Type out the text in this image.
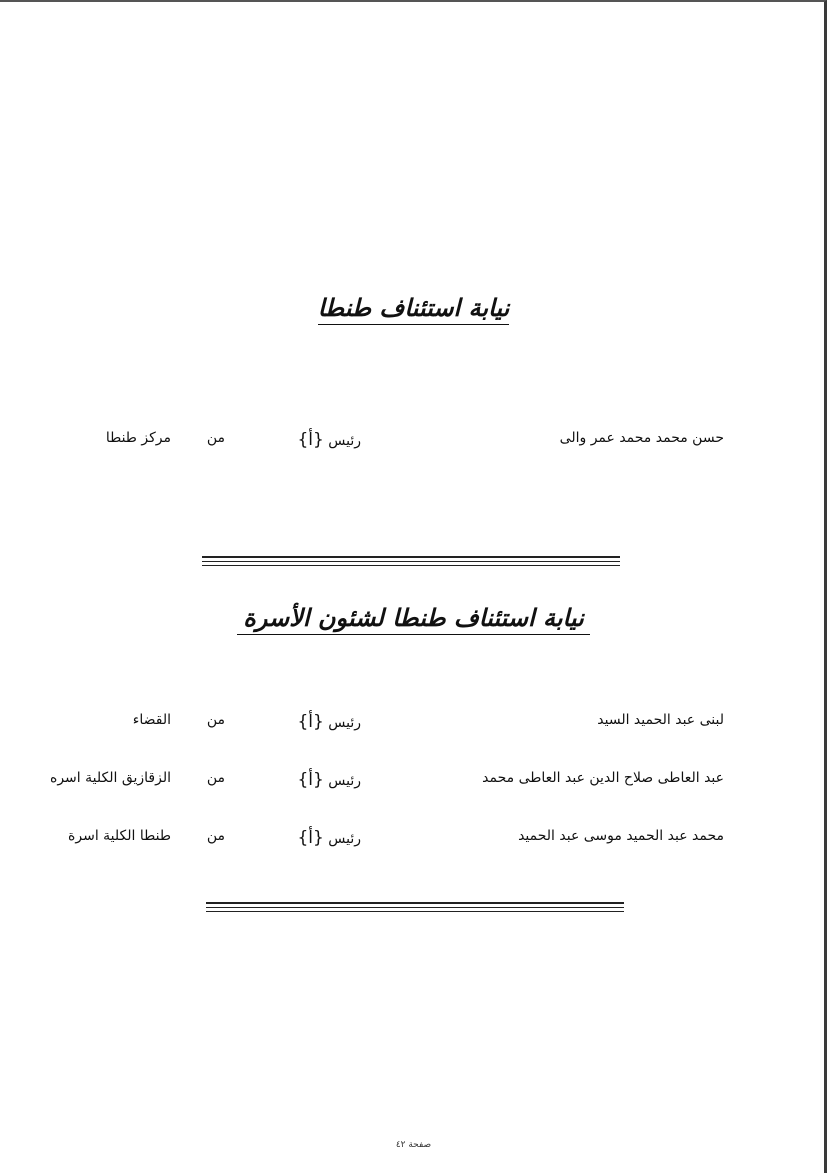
نيابة استئناف طنطا
حسن محمد محمد عمر والى
رئيس {أ}
من
مركز طنطا
نيابة استئناف طنطا لشئون الأسرة
لبنى عبد الحميد السيد
رئيس {أ}
من
القضاء
عبد العاطى صلاح الدين عبد العاطى محمد
رئيس {أ}
من
الزقازيق الكلية اسره
محمد عبد الحميد موسى عبد الحميد
رئيس {أ}
من
طنطا الكلية اسرة
صفحة ٤٢
